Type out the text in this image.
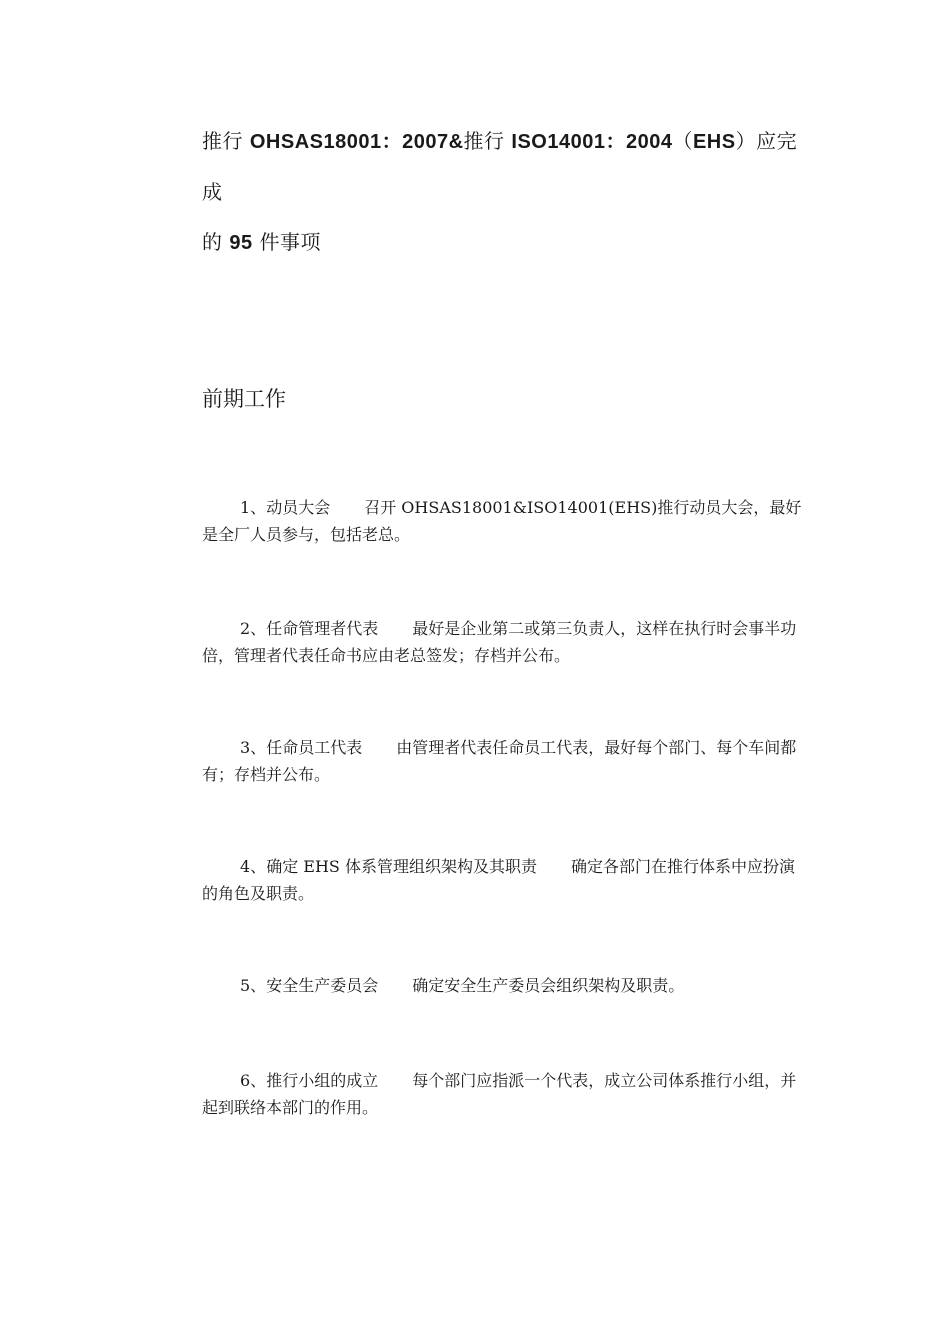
推行 OHSAS18001：2007&推行 ISO14001：2004（EHS）应完成
的 95 件事项
前期工作
1、动员大会 召开 OHSAS18001&ISO14001(EHS)推行动员大会，最好是全厂人员参与，包括老总。
2、任命管理者代表 最好是企业第二或第三负责人，这样在执行时会事半功倍，管理者代表任命书应由老总签发；存档并公布。
3、任命员工代表 由管理者代表任命员工代表，最好每个部门、每个车间都有；存档并公布。
4、确定 EHS 体系管理组织架构及其职责 确定各部门在推行体系中应扮演的角色及职责。
5、安全生产委员会 确定安全生产委员会组织架构及职责。
6、推行小组的成立 每个部门应指派一个代表，成立公司体系推行小组，并起到联络本部门的作用。
